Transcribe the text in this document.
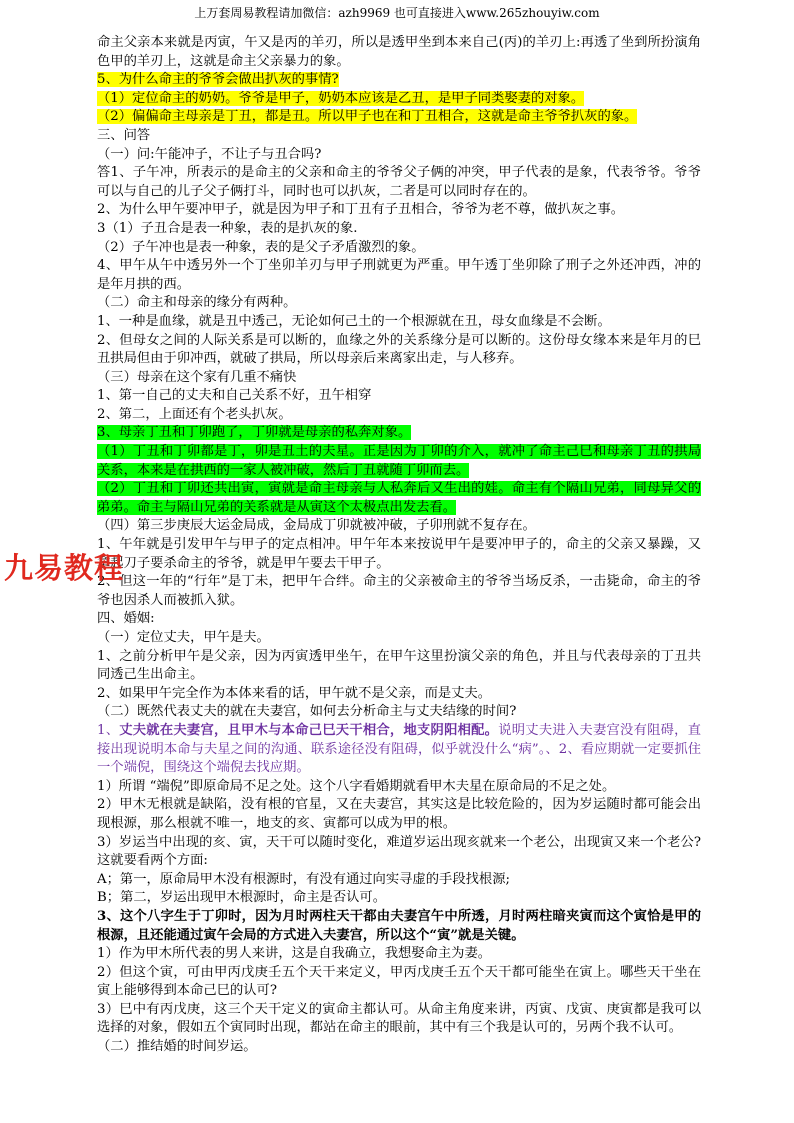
上万套周易教程请加微信：azh9969 也可直接进入www.265zhouyiw.com

命主父亲本来就是丙寅，午又是丙的羊刃，所以是透甲坐到本来自己(丙)的羊刃上:再透了坐到所扮演角色甲的羊刃上，这就是命主父亲暴力的象。

5、为什么命主的爷爷会做出扒灰的事情?

（1）定位命主的奶奶。爷爷是甲子，奶奶本应该是乙丑，是甲子同类娶妻的对象。

（2）偏偏命主母亲是丁丑，都是丑。所以甲子也在和丁丑相合，这就是命主爷爷扒灰的象。

三、问答

（一）问:午能冲子，不让子与丑合吗?

答1、子午冲，所表示的是命主的父亲和命主的爷爷父子俩的冲突，甲子代表的是象，代表爷爷。爷爷可以与自己的儿子父子俩打斗，同时也可以扒灰，二者是可以同时存在的。

2、为什么甲午要冲甲子，就是因为甲子和丁丑有子丑相合，爷爷为老不尊，做扒灰之事。

3（1）子丑合是表一种象，表的是扒灰的象.

（2）子午冲也是表一种象，表的是父子矛盾激烈的象。

4、甲午从午中透另外一个丁坐卯羊刃与甲子刑就更为严重。甲午透丁坐卯除了刑子之外还冲西，冲的是年月拱的西。

（二）命主和母亲的缘分有两种。

1、一种是血缘，就是丑中透己，无论如何己土的一个根源就在丑，母女血缘是不会断。

2、但母女之间的人际关系是可以断的，血缘之外的关系缘分是可以断的。这份母女缘本来是年月的巳丑拱局但由于卯冲西，就破了拱局，所以母亲后来离家出走，与人移弃。

（三）母亲在这个家有几重不痛快

1、第一自己的丈夫和自己关系不好，丑午相穿

2、第二，上面还有个老头扒灰。

3、母亲丁丑和丁卯跑了，丁卯就是母亲的私奔对象。

（1）丁丑和丁卯都是丁，卯是丑土的夫星。正是因为丁卯的介入，就冲了命主己巳和母亲丁丑的拱局关系，本来是在拱西的一家人被冲破，然后丁丑就随丁卯而去。

（2）丁丑和丁卯还共出寅，寅就是命主母亲与人私奔后又生出的娃。命主有个隔山兄弟，同母异父的弟弟。命主与隔山兄弟的关系就是从寅这个太极点出发去看。

（四）第三步庚辰大运金局成，金局成丁卯就被冲破，子卯刑就不复存在。

1、午年就是引发甲午与甲子的定点相冲。甲午年本来按说甲午是要冲甲子的，命主的父亲又暴躁，又拿起刀子要杀命主的爷爷，就是甲午要去干甲子。

2、但这一年的“行年”是丁未，把甲午合绊。命主的父亲被命主的爷爷当场反杀，一击毙命，命主的爷爷也因杀人而被抓入狱。

四、婚姻:

（一）定位丈夫，甲午是夫。

1、之前分析甲午是父亲，因为丙寅透甲坐午，在甲午这里扮演父亲的角色，并且与代表母亲的丁丑共同透己生出命主。

2、如果甲午完全作为本体来看的话，甲午就不是父亲，而是丈夫。

（二）既然代表丈夫的就在夫妻宫，如何去分析命主与丈夫结缘的时间?

1、丈夫就在夫妻宫，且甲木与本命己巳天干相合，地支阴阳相配。说明丈夫进入夫妻宫没有阻碍，直接出现说明本命与夫星之间的沟通、联系途径没有阻碍，似乎就没什么“病”。、2、看应期就一定要抓住一个端倪，围绕这个端倪去找应期。

1）所谓 “端倪”即原命局不足之处。这个八字看婚期就看甲木夫星在原命局的不足之处。

2）甲木无根就是缺陷，没有根的官星，又在夫妻宫，其实这是比较危险的，因为岁运随时都可能会出现根源，那么根就不唯一，地支的亥、寅都可以成为甲的根。

3）岁运当中出现的亥、寅，天干可以随时变化，难道岁运出现亥就来一个老公，出现寅又来一个老公?这就要看两个方面:

A；第一，原命局甲木没有根源时，有没有通过向实寻虚的手段找根源;

B；第二，岁运出现甲木根源时，命主是否认可。

3、这个八字生于丁卯时，因为月时两柱天干都由夫妻宫午中所透，月时两柱暗夹寅而这个寅恰是甲的根源，且还能通过寅午会局的方式进入夫妻宫，所以这个“寅”就是关键。

1）作为甲木所代表的男人来讲，这是自我确立，我想娶命主为妻。

2）但这个寅，可由甲丙戊庚壬五个天干来定义，甲丙戊庚壬五个天干都可能坐在寅上。哪些天干坐在寅上能够得到本命己巳的认可?

3）巳中有丙戊庚，这三个天干定义的寅命主都认可。从命主角度来讲，丙寅、戊寅、庚寅都是我可以选择的对象，假如五个寅同时出现，都站在命主的眼前，其中有三个我是认可的，另两个我不认可。

（二）推结婚的时间岁运。

九易教程
